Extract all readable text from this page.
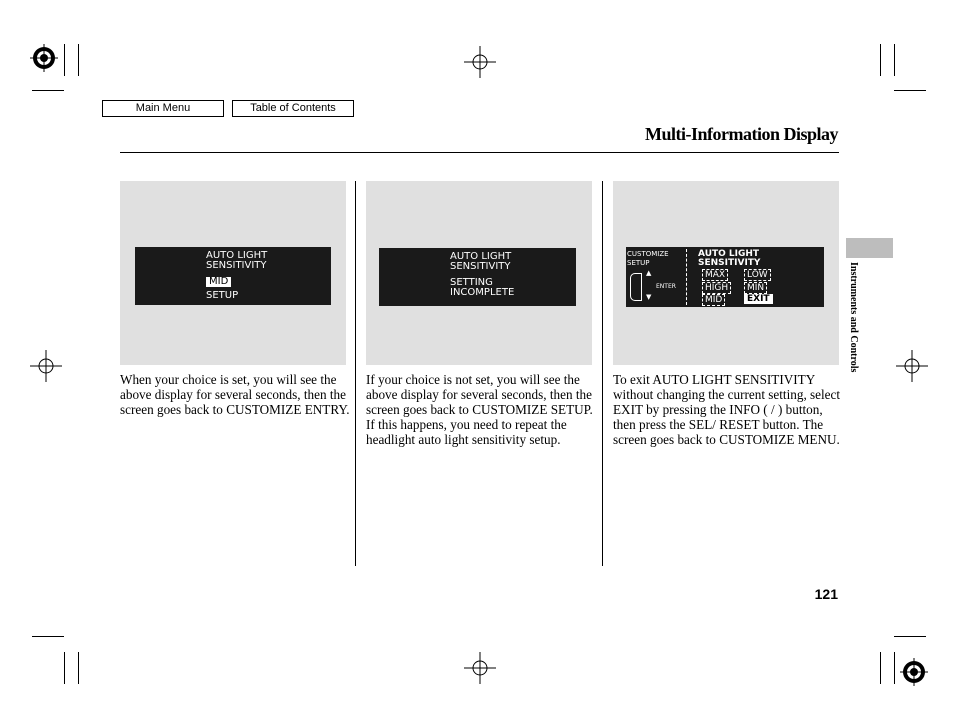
Main Menu	Table of Contents
Multi-Information Display
AUTO LIGHT
SENSITIVITY
MID
SETUP
AUTO LIGHT
SENSITIVITY
SETTING
INCOMPLETE
CUSTOMIZE
SETUP
ENTER
▲

▼
AUTO LIGHT
SENSITIVITY
MAX	LOW
HIGH	MIN
MID	EXIT
When your choice is set, you will see the above display for several seconds, then the screen goes back to CUSTOMIZE ENTRY.
If your choice is not set, you will see the above display for several seconds, then the screen goes back to CUSTOMIZE SETUP. If this happens, you need to repeat the headlight auto light sensitivity setup.
To exit AUTO LIGHT SENSITIVITY without changing the current setting, select EXIT by pressing the INFO ( / ) button, then press the SEL/ RESET button. The screen goes back to CUSTOMIZE MENU.
Instruments and Controls
121
